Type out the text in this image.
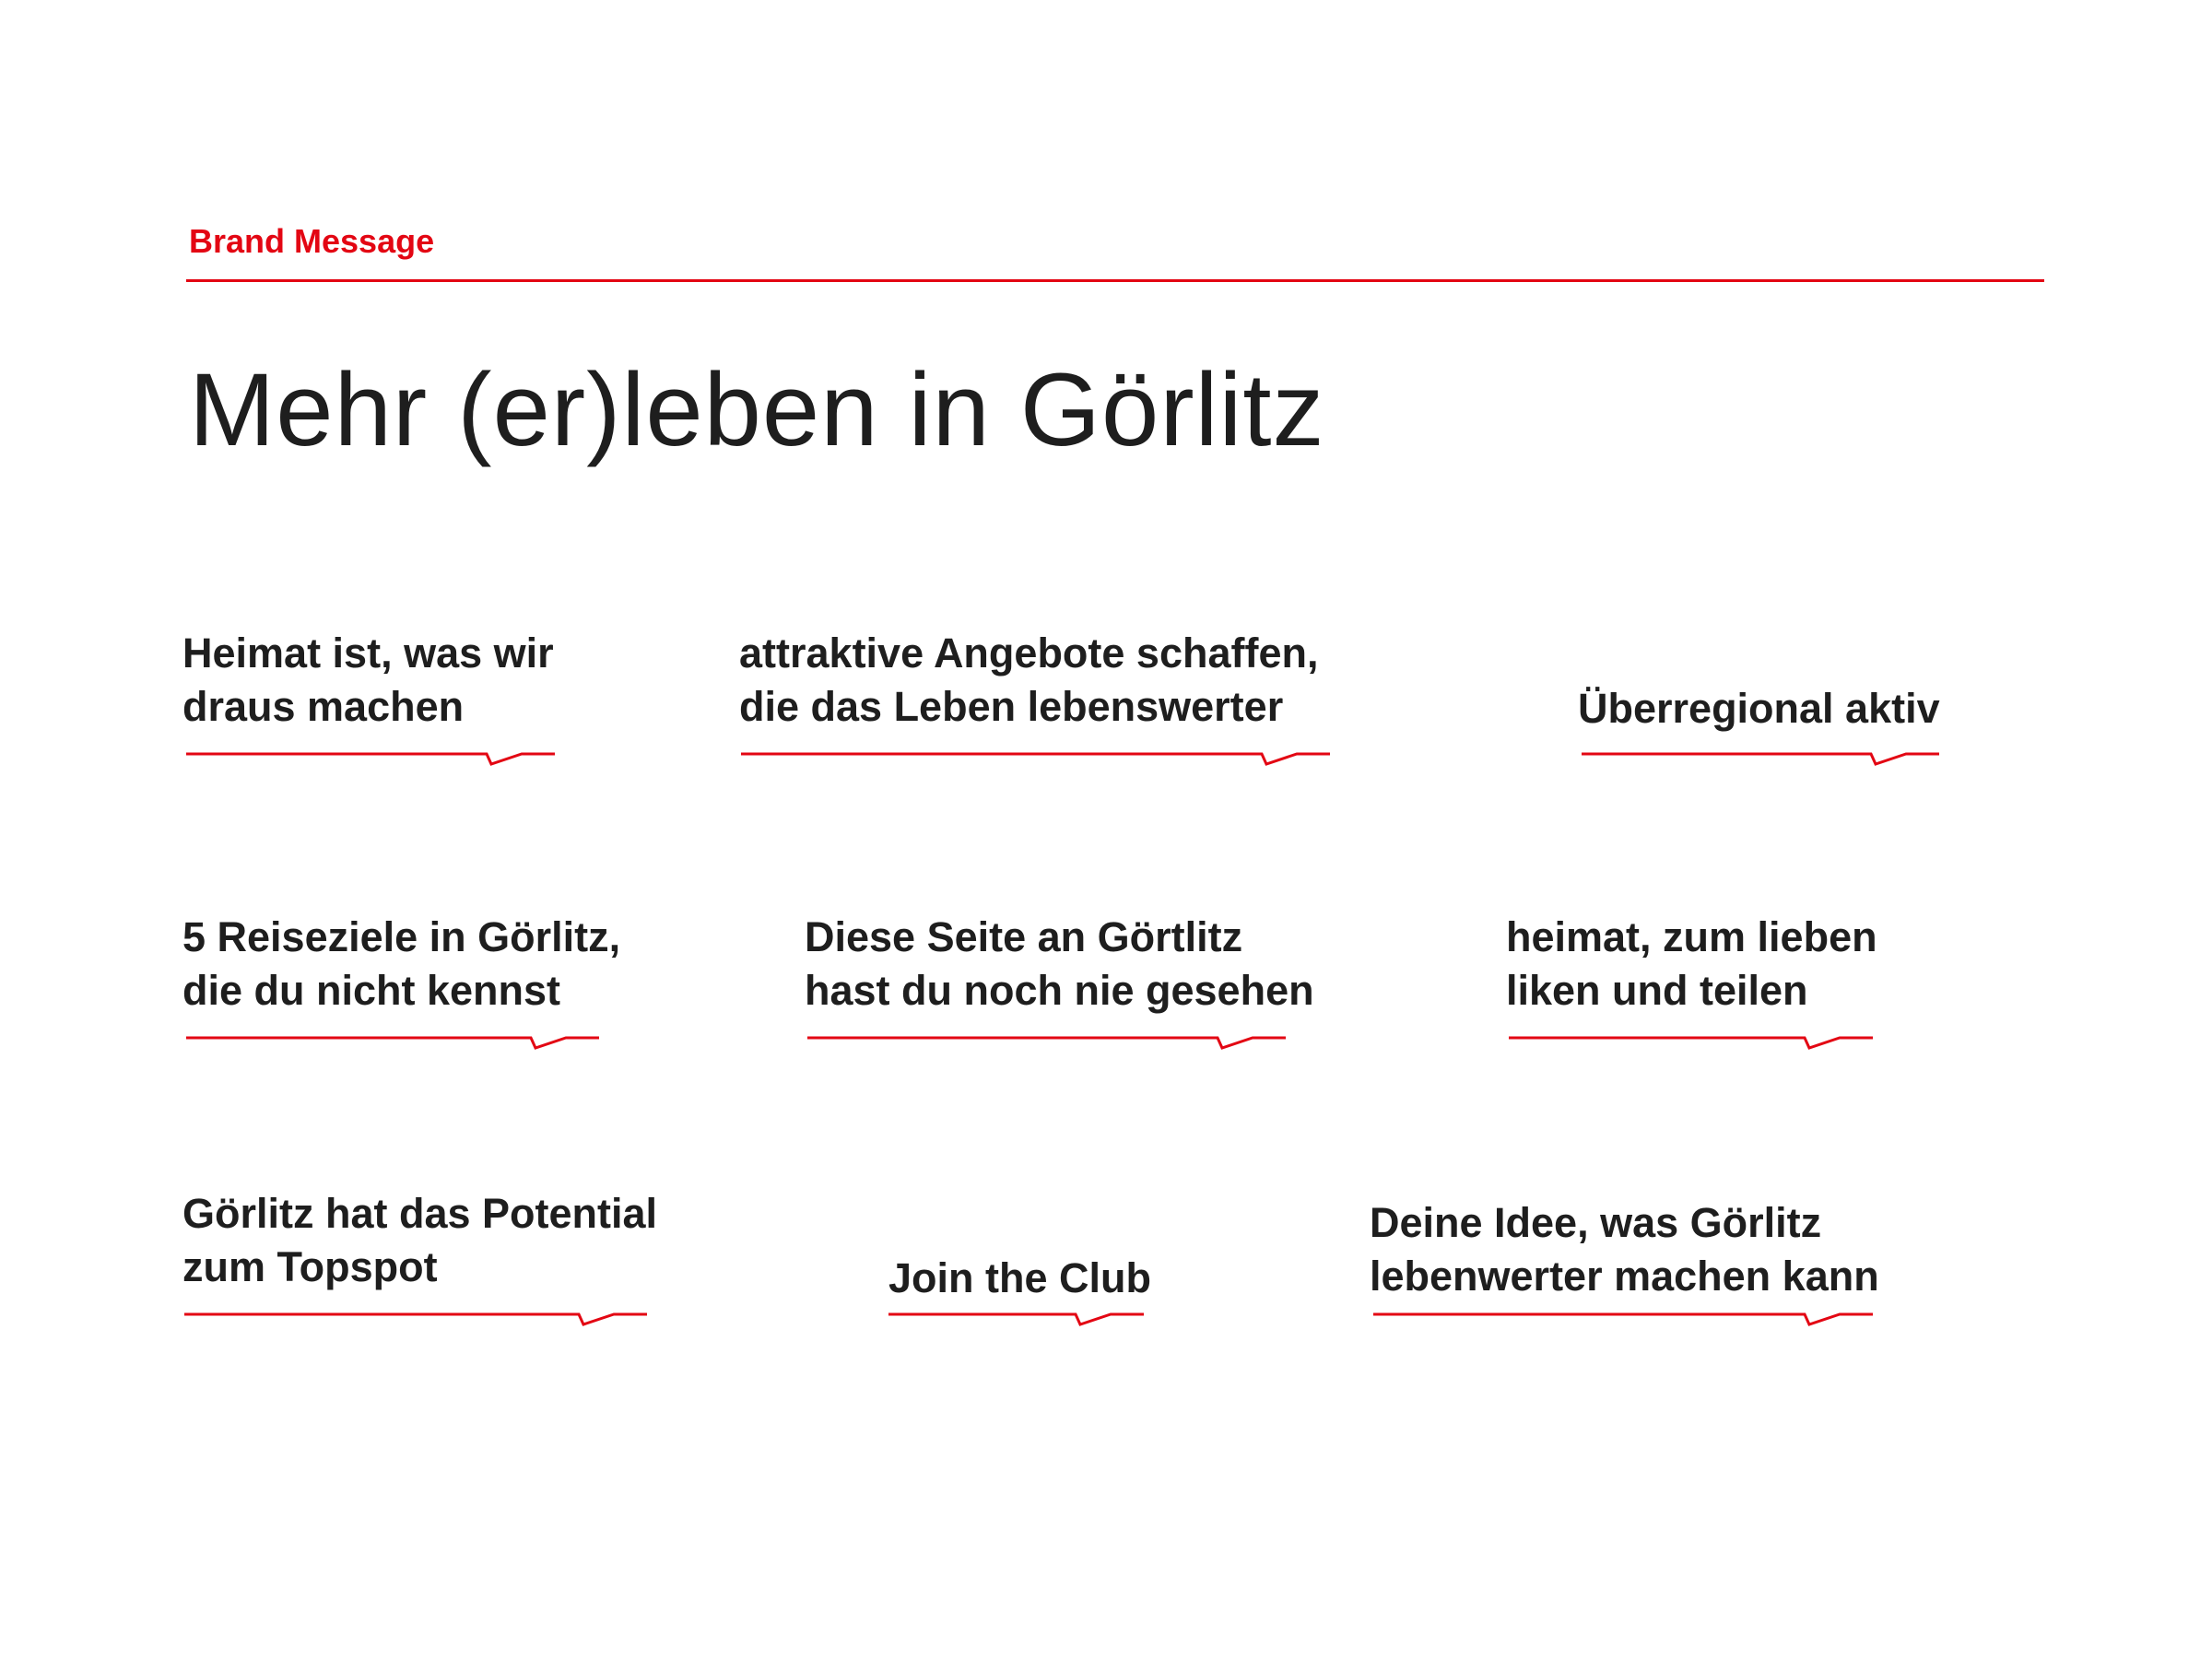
Brand Message
Mehr (er)leben in Görlitz
Heimat ist, was wir
draus machen
attraktive Angebote schaffen,
die das Leben lebenswerter	Überregional aktiv
5 Reiseziele in Görlitz,
die du nicht kennst
Diese Seite an Görtlitz
hast du noch nie gesehen
heimat, zum lieben
liken und teilen
Görlitz hat das Potential
zum Topspot	Join the Club
Deine Idee, was Görlitz
lebenwerter machen kann
